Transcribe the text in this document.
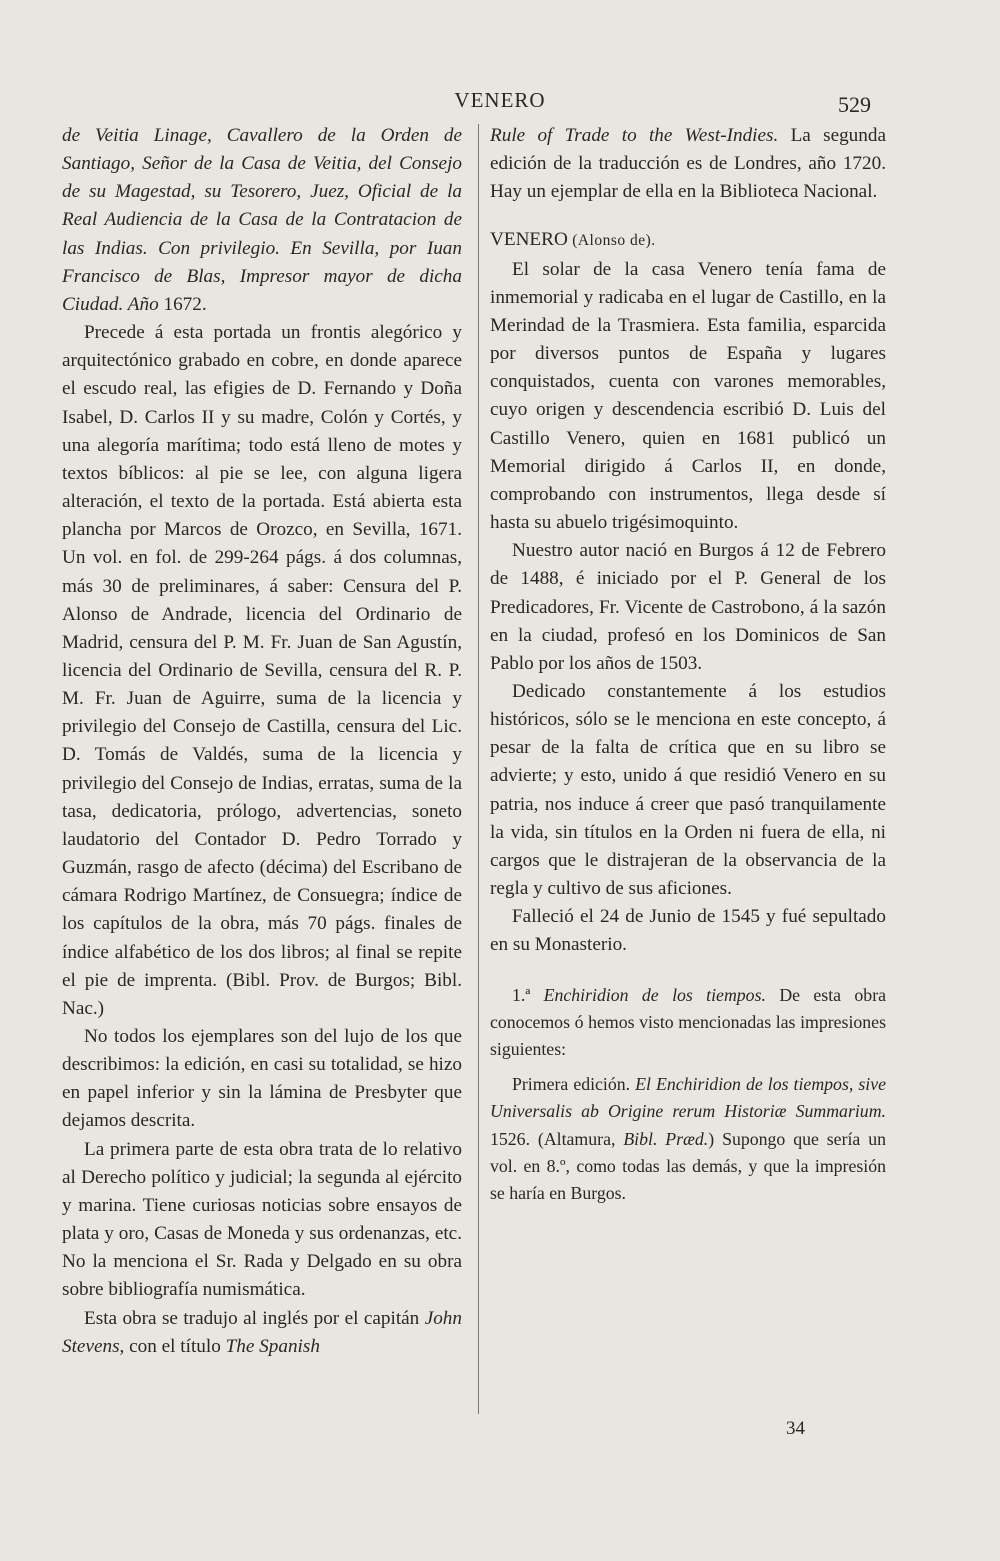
VENERO	529

de Veitia Linage, Cavallero de la Orden de Santiago, Señor de la Casa de Veitia, del Consejo de su Magestad, su Tesorero, Juez, Oficial de la Real Audiencia de la Casa de la Contratacion de las Indias. Con privilegio. En Sevilla, por Iuan Francisco de Blas, Impresor mayor de dicha Ciudad. Año 1672.

Precede á esta portada un frontis alegórico y arquitectónico grabado en cobre, en donde aparece el escudo real, las efigies de D. Fernando y Doña Isabel, D. Carlos II y su madre, Colón y Cortés, y una alegoría marítima; todo está lleno de motes y textos bíblicos: al pie se lee, con alguna ligera alteración, el texto de la portada. Está abierta esta plancha por Marcos de Orozco, en Sevilla, 1671. Un vol. en fol. de 299-264 págs. á dos columnas, más 30 de preliminares, á saber: Censura del P. Alonso de Andrade, licencia del Ordinario de Madrid, censura del P. M. Fr. Juan de San Agustín, licencia del Ordinario de Sevilla, censura del R. P. M. Fr. Juan de Aguirre, suma de la licencia y privilegio del Consejo de Castilla, censura del Lic. D. Tomás de Valdés, suma de la licencia y privilegio del Consejo de Indias, erratas, suma de la tasa, dedicatoria, prólogo, advertencias, soneto laudatorio del Contador D. Pedro Torrado y Guzmán, rasgo de afecto (décima) del Escribano de cámara Rodrigo Martínez, de Consuegra; índice de los capítulos de la obra, más 70 págs. finales de índice alfabético de los dos libros; al final se repite el pie de imprenta. (Bibl. Prov. de Burgos; Bibl. Nac.)

No todos los ejemplares son del lujo de los que describimos: la edición, en casi su totalidad, se hizo en papel inferior y sin la lámina de Presbyter que dejamos descrita.

La primera parte de esta obra trata de lo relativo al Derecho político y judicial; la segunda al ejército y marina. Tiene curiosas noticias sobre ensayos de plata y oro, Casas de Moneda y sus ordenanzas, etc. No la menciona el Sr. Rada y Delgado en su obra sobre bibliografía numismática.

Esta obra se tradujo al inglés por el capitán John Stevens, con el título The Spanish

Rule of Trade to the West-Indies. La segunda edición de la traducción es de Londres, año 1720. Hay un ejemplar de ella en la Biblioteca Nacional.

VENERO (Alonso de).

El solar de la casa Venero tenía fama de inmemorial y radicaba en el lugar de Castillo, en la Merindad de la Trasmiera. Esta familia, esparcida por diversos puntos de España y lugares conquistados, cuenta con varones memorables, cuyo origen y descendencia escribió D. Luis del Castillo Venero, quien en 1681 publicó un Memorial dirigido á Carlos II, en donde, comprobando con instrumentos, llega desde sí hasta su abuelo trigésimoquinto.

Nuestro autor nació en Burgos á 12 de Febrero de 1488, é iniciado por el P. General de los Predicadores, Fr. Vicente de Castrobono, á la sazón en la ciudad, profesó en los Dominicos de San Pablo por los años de 1503.

Dedicado constantemente á los estudios históricos, sólo se le menciona en este concepto, á pesar de la falta de crítica que en su libro se advierte; y esto, unido á que residió Venero en su patria, nos induce á creer que pasó tranquilamente la vida, sin títulos en la Orden ni fuera de ella, ni cargos que le distrajeran de la observancia de la regla y cultivo de sus aficiones.

Falleció el 24 de Junio de 1545 y fué sepultado en su Monasterio.

1.ª Enchiridion de los tiempos. De esta obra conocemos ó hemos visto mencionadas las impresiones siguientes:

Primera edición. El Enchiridion de los tiempos, sive Universalis ab Origine rerum Historiæ Summarium. 1526. (Altamura, Bibl. Præd.) Supongo que sería un vol. en 8.º, como todas las demás, y que la impresión se haría en Burgos.

34
